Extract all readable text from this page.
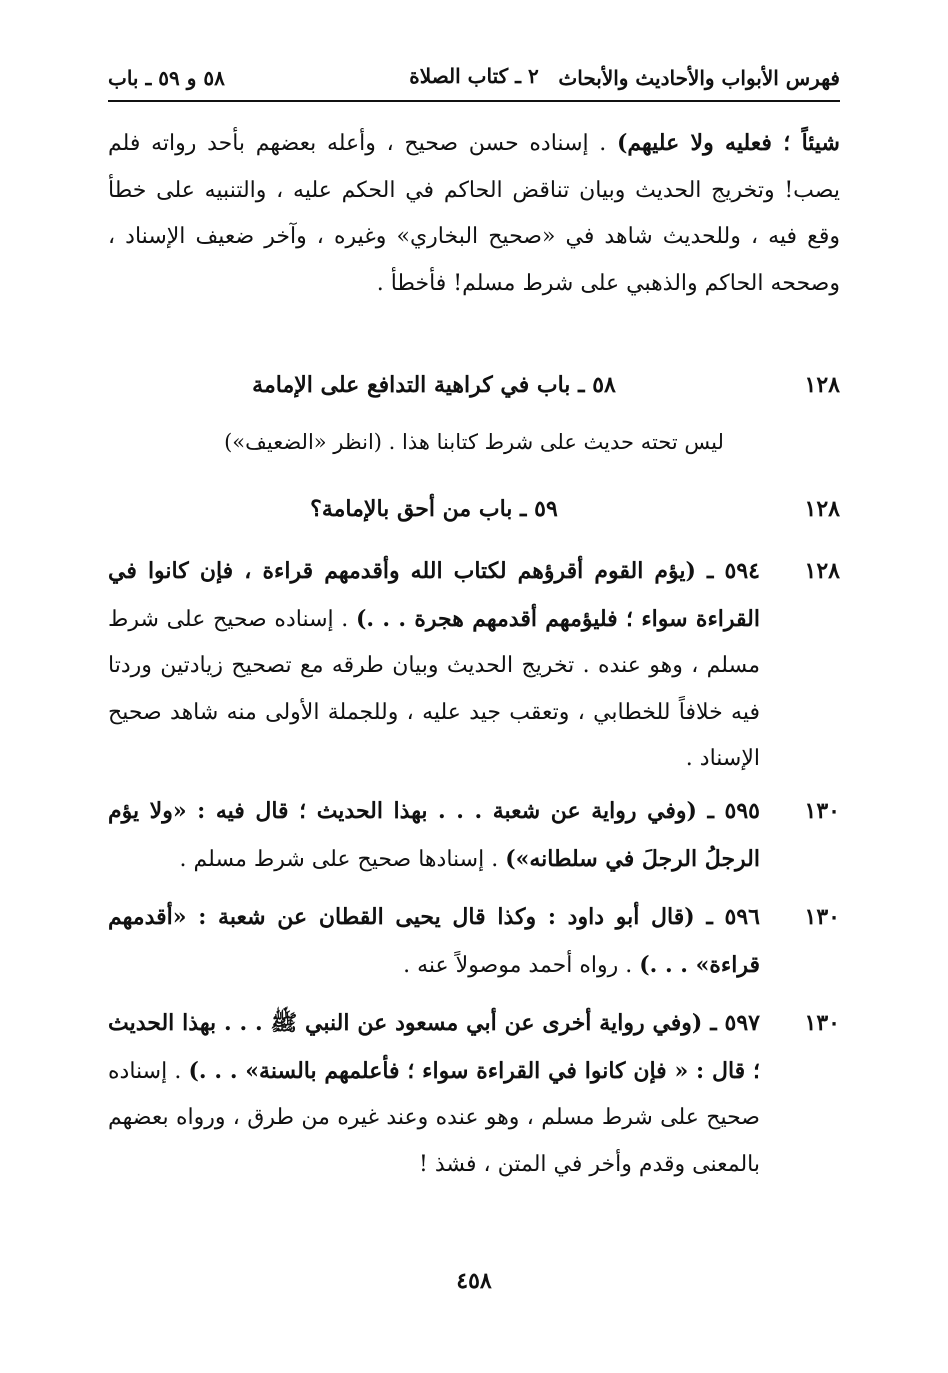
فهرس الأبواب والأحاديث والأبحاث
٢ ـ كتاب الصلاة
٥٨ و ٥٩ ـ باب
شيئاً ؛ فعليه ولا عليهم) . إسناده حسن صحيح ، وأعله بعضهم بأحد رواته فلم يصب! وتخريج الحديث وبيان تناقض الحاكم في الحكم عليه ، والتنبيه على خطأ وقع فيه ، وللحديث شاهد في «صحيح البخاري» وغيره ، وآخر ضعيف الإسناد ، وصححه الحاكم والذهبي على شرط مسلم! فأخطأ .
١٢٨
٥٨ ـ باب في كراهية التدافع على الإمامة
ليس تحته حديث على شرط كتابنا هذا . (انظر «الضعيف»)
١٢٨
٥٩ ـ باب من أحق بالإمامة؟
١٢٨
٥٩٤ ـ (يؤم القوم أقرؤهم لكتاب الله وأقدمهم قراءة ، فإن كانوا في القراءة سواء ؛ فليؤمهم أقدمهم هجرة . . .) . إسناده صحيح على شرط مسلم ، وهو عنده . تخريج الحديث وبيان طرقه مع تصحيح زيادتين وردتا فيه خلافاً للخطابي ، وتعقب جيد عليه ، وللجملة الأولى منه شاهد صحيح الإسناد .
١٣٠
٥٩٥ ـ (وفي رواية عن شعبة . . . بهذا الحديث ؛ قال فيه : «ولا يؤم الرجلُ الرجلَ في سلطانه») . إسنادها صحيح على شرط مسلم .
١٣٠
٥٩٦ ـ (قال أبو داود : وكذا قال يحيى القطان عن شعبة : «أقدمهم قراءة» . . .) . رواه أحمد موصولاً عنه .
١٣٠
٥٩٧ ـ (وفي رواية أخرى عن أبي مسعود عن النبي ﷺ . . . بهذا الحديث ؛ قال : « فإن كانوا في القراءة سواء ؛ فأعلمهم بالسنة» . . .) . إسناده صحيح على شرط مسلم ، وهو عنده وعند غيره من طرق ، ورواه بعضهم بالمعنى وقدم وأخر في المتن ، فشذ !
٤٥٨
